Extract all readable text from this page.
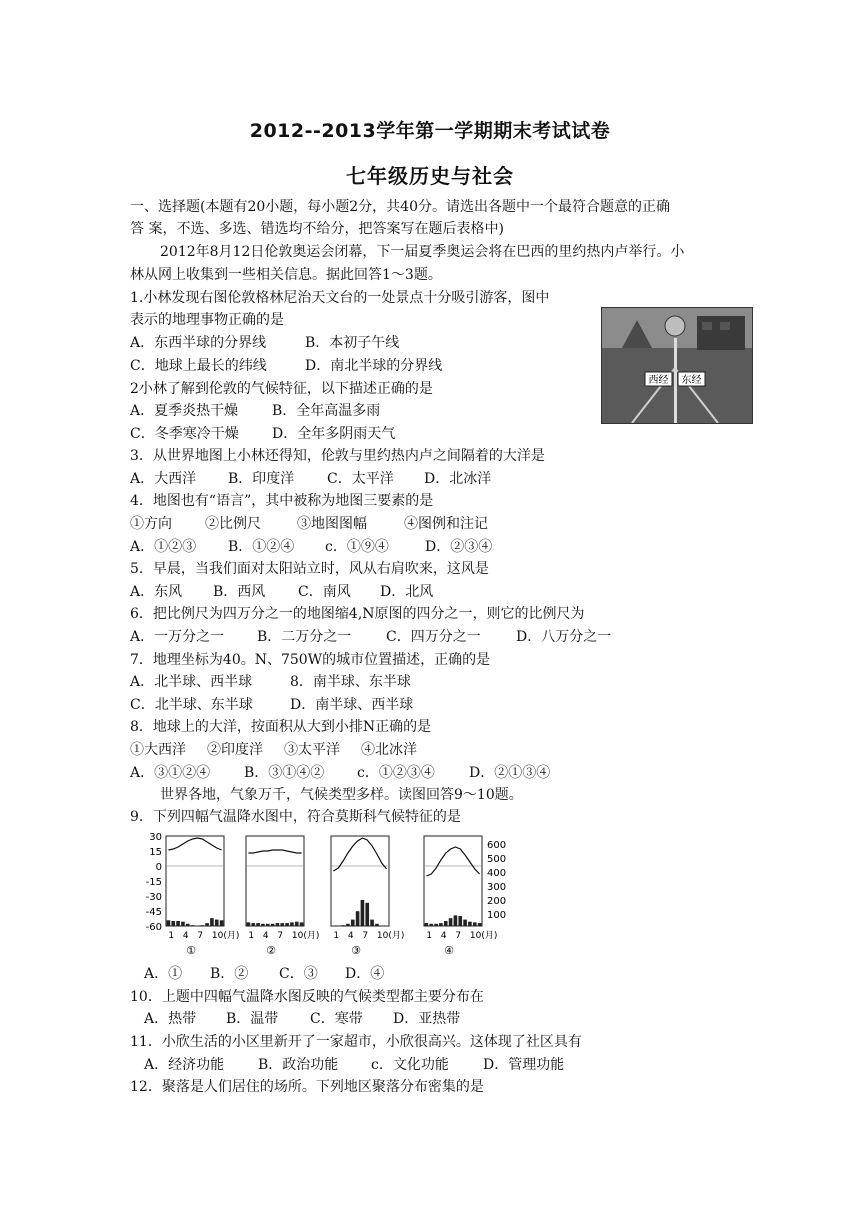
2012--2013学年第一学期期末考试试卷
七年级历史与社会
一、选择题(本题有20小题，每小题2分，共40分。请选出各题中一个最符合题意的正确
答 案，不选、多选、错选均不给分，把答案写在题后表格中)
2012年8月12日伦敦奥运会闭幕，下一届夏季奥运会将在巴西的里约热内卢举行。小
林从网上收集到一些相关信息。据此回答1～3题。
1.小林发现右图伦敦格林尼治天文台的一处景点十分吸引游客，图中
表示的地理事物正确的是
A．东西半球的分界线	B．本初子午线
C．地球上最长的纬线	D．南北半球的分界线
西经 东经
2小林了解到伦敦的气候特征，以下描述正确的是
A．夏季炎热干燥 B．全年高温多雨
C．冬季寒冷干燥 D．全年多阴雨天气
3．从世界地图上小林还得知，伦敦与里约热内卢之间隔着的大洋是
A．大西洋 B．印度洋 C．太平洋 D．北冰洋
4．地图也有“语言”，其中被称为地图三要素的是
①方向 ②比例尺	③地图图幅	④图例和注记
A．①②③ B．①②④ c．①⑨④	D．②③④
5．早晨，当我们面对太阳站立时，风从右肩吹来，这风是
A．东风 B．西风 C．南风 D．北风
6．把比例尺为四万分之一的地图缩4,N原图的四分之一，则它的比例尺为
A．一万分之一 B．二万分之一 C．四万分之一	D．八万分之一
7．地理坐标为40。N、750W的城市位置描述，正确的是
A．北半球、西半球	8．南半球、东半球
C．北半球、东半球	D．南半球、西半球
8．地球上的大洋，按面积从大到小排N正确的是
①大西洋 ②印度洋 ③太平洋 ④北冰洋
A．③①②④ B．③①④② c．①②③④ D．②①③④
世界各地，气象万千，气候类型多样。读图回答9～10题。
9．下列四幅气温降水图中，符合莫斯科气候特征的是
30
15
0
-15
-30
-45
-60
600
500
400
300
200
100
1 4 7 10(月)
①
1 4 7 10(月)
②
1 4 7 10(月)
③
1 4 7 10(月)
④
A．① B．② C．③ D．④
10．上题中四幅气温降水图反映的气候类型都主要分布在
A．热带 B．温带 C．寒带 D．亚热带
11．小欣生活的小区里新开了一家超市，小欣很高兴。这体现了社区具有
A．经济功能 B．政治功能 c．文化功能 D．管理功能
12．聚落是人们居住的场所。下列地区聚落分布密集的是
